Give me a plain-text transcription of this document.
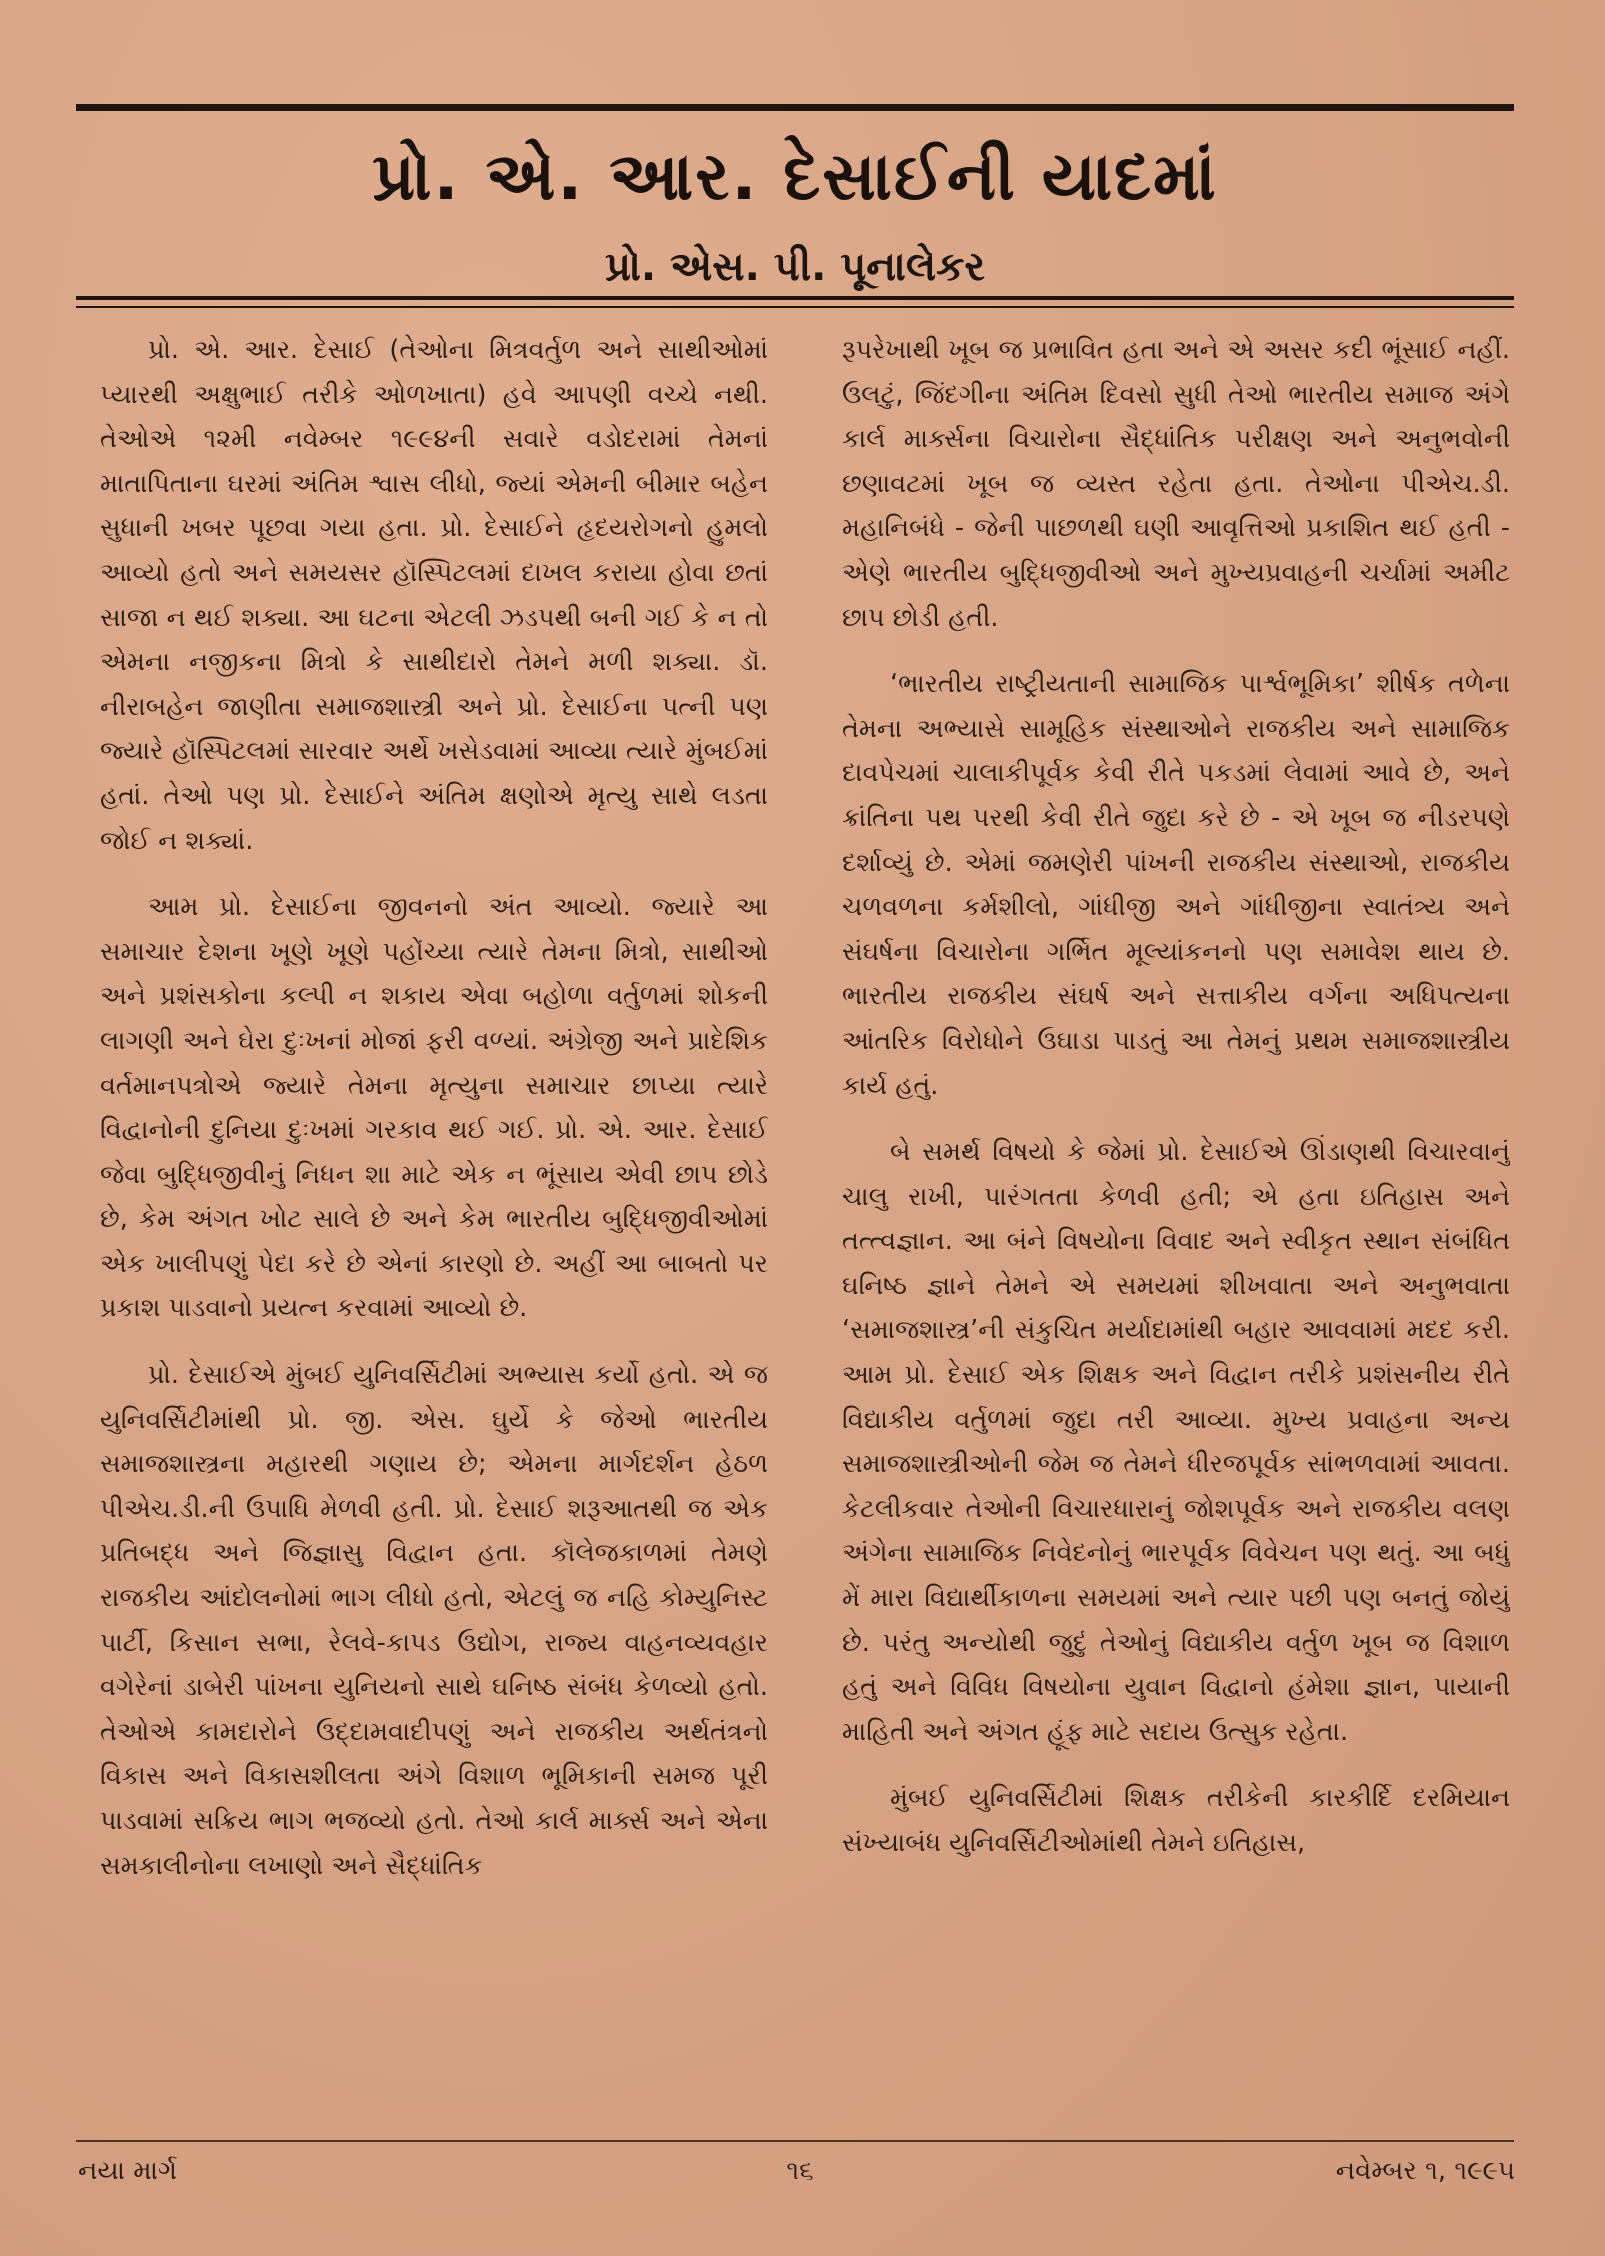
પ્રો. એ. આર. દેસાઈની યાદમાં
પ્રો. એસ. પી. પૂનાલેકર

પ્રો. એ. આર. દેસાઈ (તેઓના મિત્રવર્તુળ અને સાથીઓમાં પ્યારથી અક્ષુભાઈ તરીકે ઓળખાતા) હવે આપણી વચ્ચે નથી. તેઓએ ૧૨મી નવેમ્બર ૧૯૯૪ની સવારે વડોદરામાં તેમનાં માતાપિતાના ઘરમાં અંતિમ શ્વાસ લીધો, જ્યાં એમની બીમાર બહેન સુધાની ખબર પૂછવા ગયા હતા. પ્રો. દેસાઈને હૃદયરોગનો હુમલો આવ્યો હતો અને સમયસર હૉસ્પિટલમાં દાખલ કરાયા હોવા છતાં સાજા ન થઈ શક્યા. આ ઘટના એટલી ઝડપથી બની ગઈ કે ન તો એમના નજીકના મિત્રો કે સાથીદારો તેમને મળી શક્યા. ડૉ. નીરાબહેન જાણીતા સમાજશાસ્ત્રી અને પ્રો. દેસાઈના પત્ની પણ જ્યારે હૉસ્પિટલમાં સારવાર અર્થે ખસેડવામાં આવ્યા ત્યારે મુંબઈમાં હતાં. તેઓ પણ પ્રો. દેસાઈને અંતિમ ક્ષણોએ મૃત્યુ સાથે લડતા જોઈ ન શક્યાં.

આમ પ્રો. દેસાઈના જીવનનો અંત આવ્યો. જ્યારે આ સમાચાર દેશના ખૂણે ખૂણે પહોંચ્યા ત્યારે તેમના મિત્રો, સાથીઓ અને પ્રશંસકોના કલ્પી ન શકાય એવા બહોળા વર્તુળમાં શોકની લાગણી અને ઘેરા દુઃખનાં મોજાં ફરી વળ્યાં. અંગ્રેજી અને પ્રાદેશિક વર્તમાનપત્રોએ જ્યારે તેમના મૃત્યુના સમાચાર છાપ્યા ત્યારે વિદ્વાનોની દુનિયા દુઃખમાં ગરકાવ થઈ ગઈ. પ્રો. એ. આર. દેસાઈ જેવા બુદ્ધિજીવીનું નિધન શા માટે એક ન ભૂંસાય એવી છાપ છોડે છે, કેમ અંગત ખોટ સાલે છે અને કેમ ભારતીય બુદ્ધિજીવીઓમાં એક ખાલીપણું પેદા કરે છે એનાં કારણો છે. અહીં આ બાબતો પર પ્રકાશ પાડવાનો પ્રયત્ન કરવામાં આવ્યો છે.

પ્રો. દેસાઈએ મુંબઈ યુનિવર્સિટીમાં અભ્યાસ કર્યો હતો. એ જ યુનિવર્સિટીમાંથી પ્રો. જી. એસ. ઘુર્યે કે જેઓ ભારતીય સમાજશાસ્ત્રના મહારથી ગણાય છે; એમના માર્ગદર્શન હેઠળ પીએચ.ડી.ની ઉપાધિ મેળવી હતી. પ્રો. દેસાઈ શરૂઆતથી જ એક પ્રતિબદ્ધ અને જિજ્ઞાસુ વિદ્વાન હતા. કૉલેજકાળમાં તેમણે રાજકીય આંદોલનોમાં ભાગ લીધો હતો, એટલું જ નહિ કોમ્યુનિસ્ટ પાર્ટી, કિસાન સભા, રેલવે-કાપડ ઉદ્યોગ, રાજ્ય વાહનવ્યવહાર વગેરેનાં ડાબેરી પાંખના યુનિયનો સાથે ઘનિષ્ઠ સંબંધ કેળવ્યો હતો. તેઓએ કામદારોને ઉદ્દામવાદીપણું અને રાજકીય અર્થતંત્રનો વિકાસ અને વિકાસશીલતા અંગે વિશાળ ભૂમિકાની સમજ પૂરી પાડવામાં સક્રિય ભાગ ભજવ્યો હતો. તેઓ કાર્લ માર્ક્સ અને એના સમકાલીનોના લખાણો અને સૈદ્ધાંતિક

રૂપરેખાથી ખૂબ જ પ્રભાવિત હતા અને એ અસર કદી ભૂંસાઈ નહીં. ઉલટું, જિંદગીના અંતિમ દિવસો સુધી તેઓ ભારતીય સમાજ અંગે કાર્લ માર્ક્સના વિચારોના સૈદ્ધાંતિક પરીક્ષણ અને અનુભવોની છણાવટમાં ખૂબ જ વ્યસ્ત રહેતા હતા. તેઓના પીએચ.ડી. મહાનિબંધે - જેની પાછળથી ઘણી આવૃત્તિઓ પ્રકાશિત થઈ હતી - એણે ભારતીય બુદ્ધિજીવીઓ અને મુખ્યપ્રવાહની ચર્ચામાં અમીટ છાપ છોડી હતી.

‘ભારતીય રાષ્ટ્રીયતાની સામાજિક પાર્શ્વભૂમિકા’ શીર્ષક તળેના તેમના અભ્યાસે સામૂહિક સંસ્થાઓને રાજકીય અને સામાજિક દાવપેચમાં ચાલાકીપૂર્વક કેવી રીતે પકડમાં લેવામાં આવે છે, અને ક્રાંતિના પથ પરથી કેવી રીતે જુદા કરે છે - એ ખૂબ જ નીડરપણે દર્શાવ્યું છે. એમાં જમણેરી પાંખની રાજકીય સંસ્થાઓ, રાજકીય ચળવળના કર્મશીલો, ગાંધીજી અને ગાંધીજીના સ્વાતંત્ર્ય અને સંઘર્ષના વિચારોના ગર્ભિત મૂલ્યાંકનનો પણ સમાવેશ થાય છે. ભારતીય રાજકીય સંઘર્ષ અને સત્તાકીય વર્ગના અધિપત્યના આંતરિક વિરોધોને ઉઘાડા પાડતું આ તેમનું પ્રથમ સમાજશાસ્ત્રીય કાર્ય હતું.

બે સમર્થ વિષયો કે જેમાં પ્રો. દેસાઈએ ઊંડાણથી વિચારવાનું ચાલુ રાખી, પારંગતતા કેળવી હતી; એ હતા ઇતિહાસ અને તત્ત્વજ્ઞાન. આ બંને વિષયોના વિવાદ અને સ્વીકૃત સ્થાન સંબંધિત ઘનિષ્ઠ જ્ઞાને તેમને એ સમયમાં શીખવાતા અને અનુભવાતા ‘સમાજશાસ્ત્ર’ની સંકુચિત મર્યાદામાંથી બહાર આવવામાં મદદ કરી. આમ પ્રો. દેસાઈ એક શિક્ષક અને વિદ્વાન તરીકે પ્રશંસનીય રીતે વિદ્યાકીય વર્તુળમાં જુદા તરી આવ્યા. મુખ્ય પ્રવાહના અન્ય સમાજશાસ્ત્રીઓની જેમ જ તેમને ધીરજપૂર્વક સાંભળવામાં આવતા. કેટલીકવાર તેઓની વિચારધારાનું જોશપૂર્વક અને રાજકીય વલણ અંગેના સામાજિક નિવેદનોનું ભારપૂર્વક વિવેચન પણ થતું. આ બધું મેં મારા વિદ્યાર્થીકાળના સમયમાં અને ત્યાર પછી પણ બનતું જોયું છે. પરંતુ અન્યોથી જુદું તેઓનું વિદ્યાકીય વર્તુળ ખૂબ જ વિશાળ હતું અને વિવિધ વિષયોના યુવાન વિદ્વાનો હંમેશા જ્ઞાન, પાયાની માહિતી અને અંગત હૂંફ માટે સદાય ઉત્સુક રહેતા.

મુંબઈ યુનિવર્સિટીમાં શિક્ષક તરીકેની કારકીર્દિ દરમિયાન સંખ્યાબંધ યુનિવર્સિટીઓમાંથી તેમને ઇતિહાસ,

નયા માર્ગ	૧૬	નવેમ્બર ૧, ૧૯૯૫
